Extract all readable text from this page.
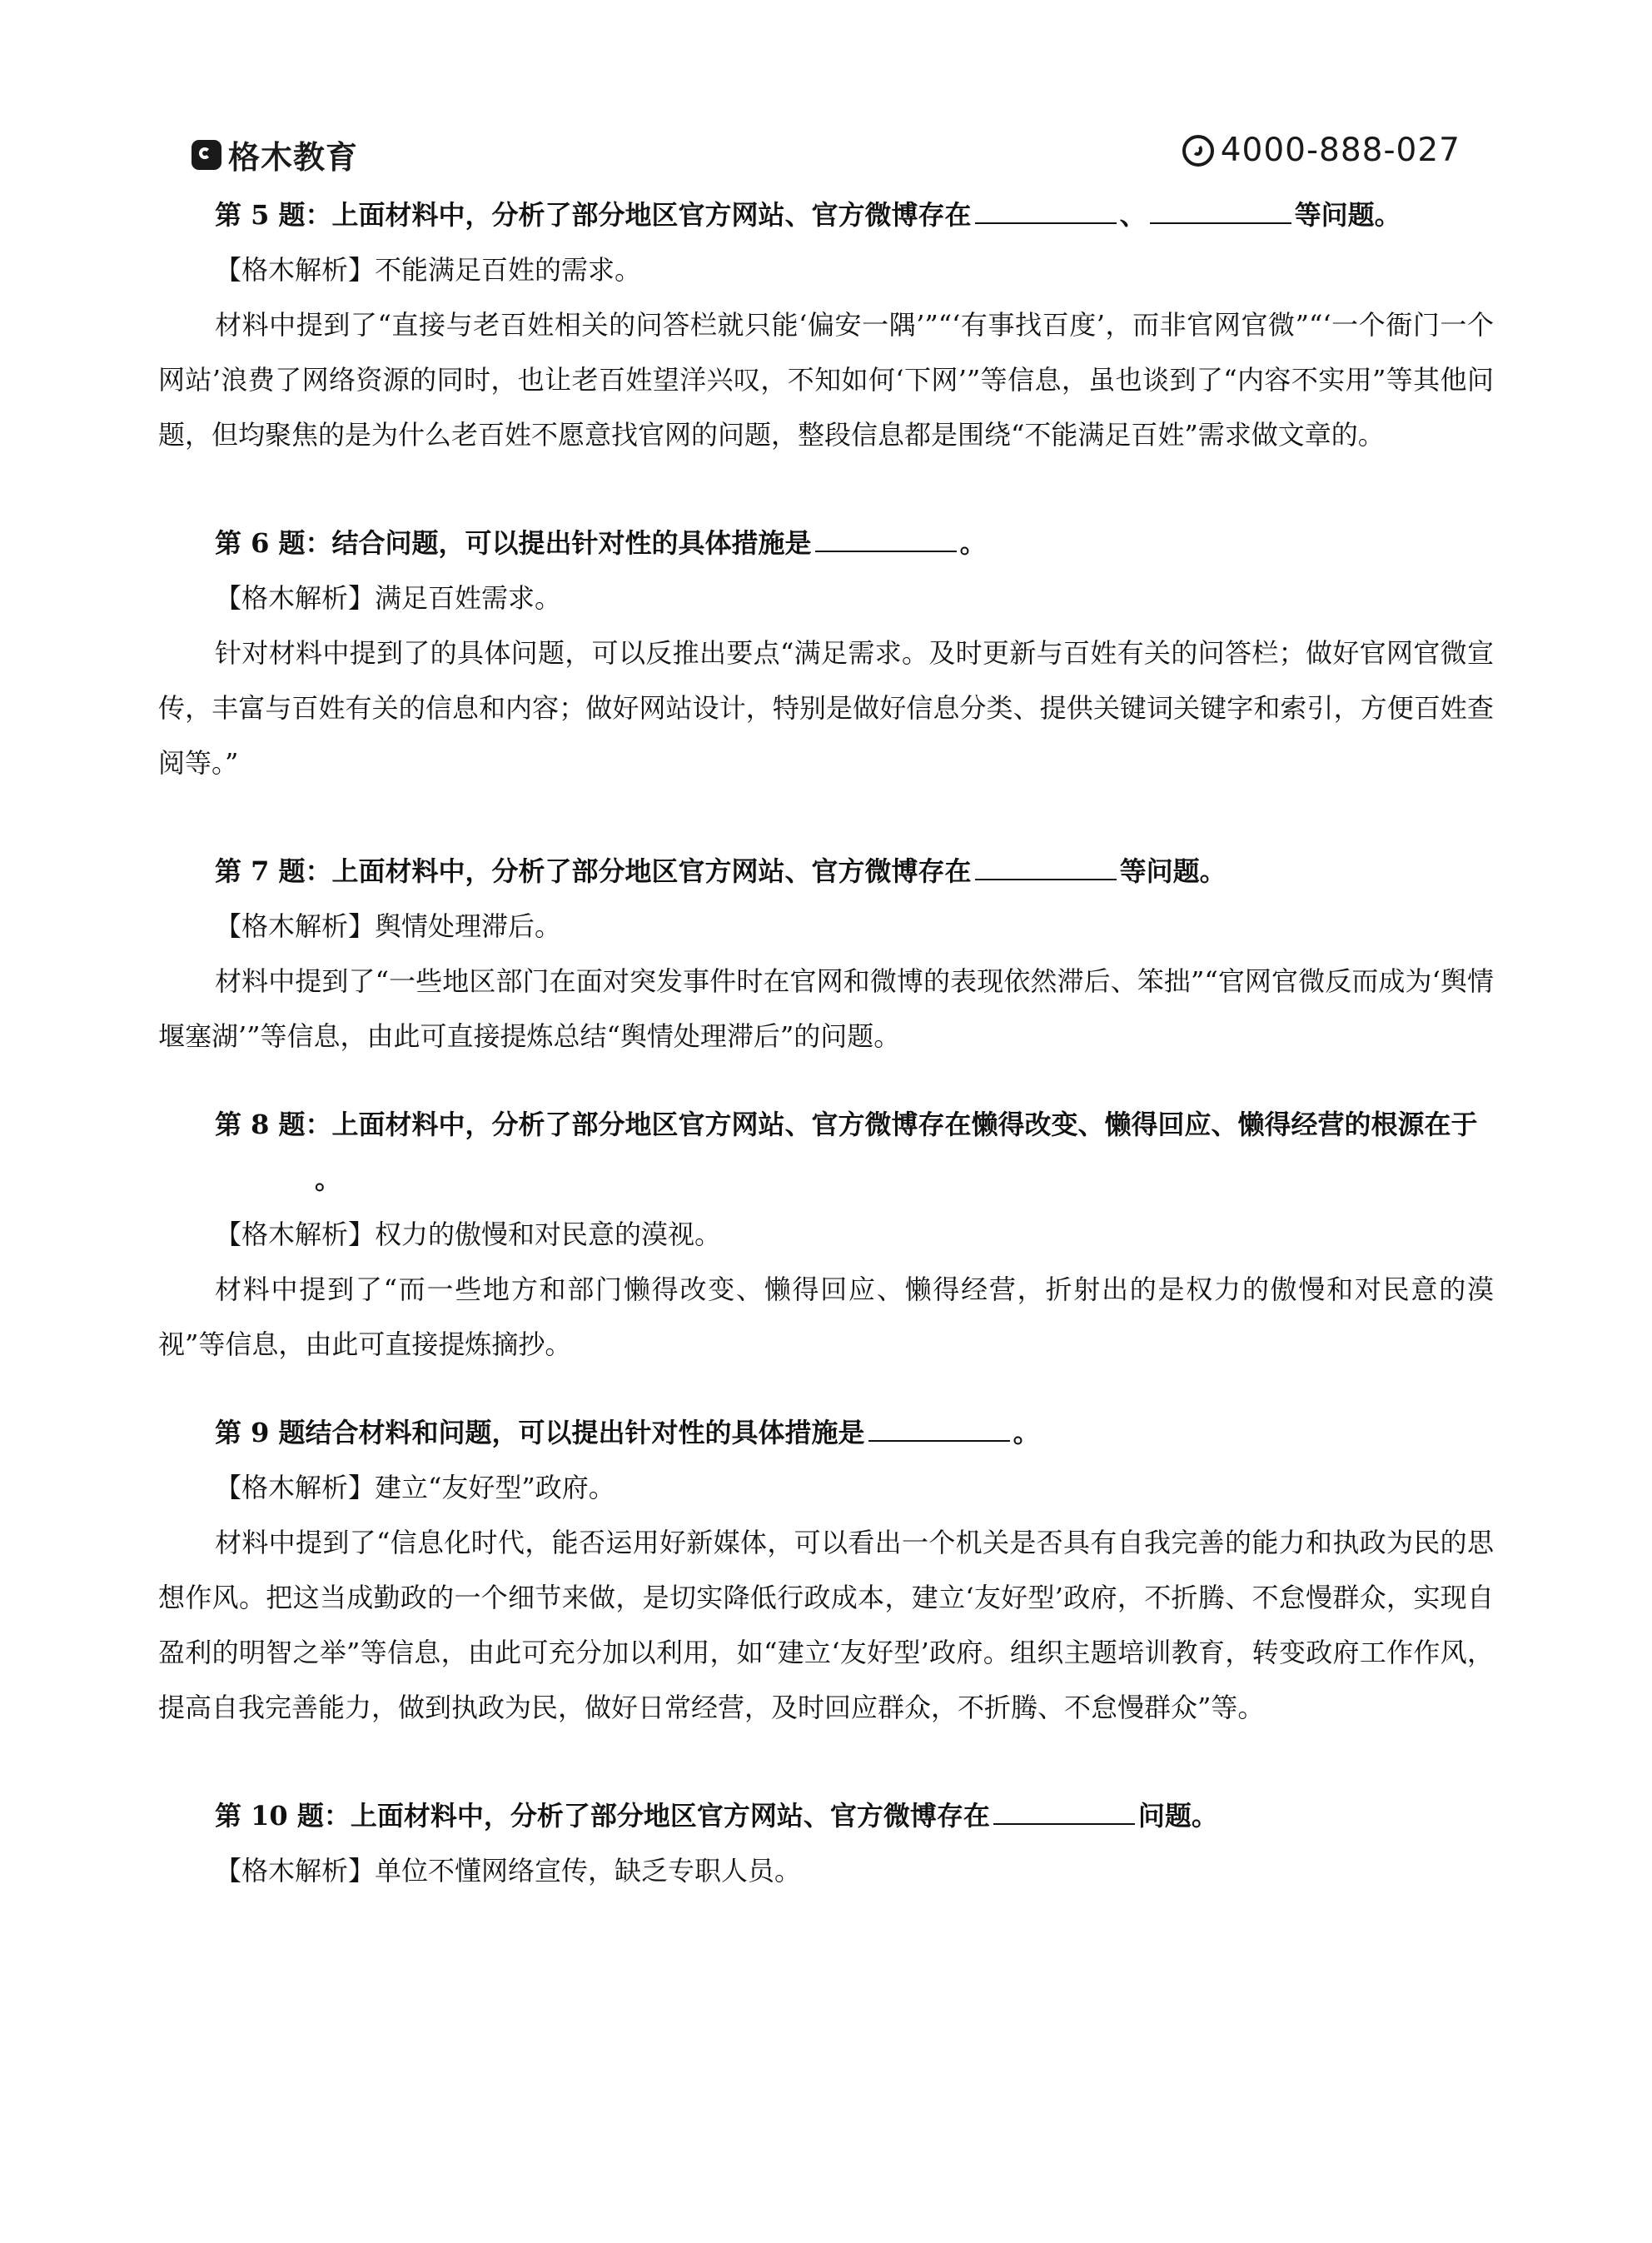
格木教育	4000-888-027

第 5 题：上面材料中，分析了部分地区官方网站、官方微博存在	、	等问题。

【格木解析】不能满足百姓的需求。

材料中提到了“直接与老百姓相关的问答栏就只能‘偏安一隅’”“‘有事找百度’，而非官网官微”“‘一个衙门一个网站’浪费了网络资源的同时，也让老百姓望洋兴叹，不知如何‘下网’”等信息，虽也谈到了“内容不实用”等其他问题，但均聚焦的是为什么老百姓不愿意找官网的问题，整段信息都是围绕“不能满足百姓”需求做文章的。

第 6 题：结合问题，可以提出针对性的具体措施是	。

【格木解析】满足百姓需求。

针对材料中提到了的具体问题，可以反推出要点“满足需求。及时更新与百姓有关的问答栏；做好官网官微宣传，丰富与百姓有关的信息和内容；做好网站设计，特别是做好信息分类、提供关键词关键字和索引，方便百姓查阅等。”

第 7 题：上面材料中，分析了部分地区官方网站、官方微博存在	等问题。

【格木解析】舆情处理滞后。

材料中提到了“一些地区部门在面对突发事件时在官网和微博的表现依然滞后、笨拙”“官网官微反而成为‘舆情堰塞湖’”等信息，由此可直接提炼总结“舆情处理滞后”的问题。

第 8 题：上面材料中，分析了部分地区官方网站、官方微博存在懒得改变、懒得回应、懒得经营的根源在于。

【格木解析】权力的傲慢和对民意的漠视。

材料中提到了“而一些地方和部门懒得改变、懒得回应、懒得经营，折射出的是权力的傲慢和对民意的漠视”等信息，由此可直接提炼摘抄。

第 9 题结合材料和问题，可以提出针对性的具体措施是	。

【格木解析】建立“友好型”政府。

材料中提到了“信息化时代，能否运用好新媒体，可以看出一个机关是否具有自我完善的能力和执政为民的思想作风。把这当成勤政的一个细节来做，是切实降低行政成本，建立‘友好型’政府，不折腾、不怠慢群众，实现自盈利的明智之举”等信息，由此可充分加以利用，如“建立‘友好型’政府。组织主题培训教育，转变政府工作作风，提高自我完善能力，做到执政为民，做好日常经营，及时回应群众，不折腾、不怠慢群众”等。

第 10 题：上面材料中，分析了部分地区官方网站、官方微博存在	问题。

【格木解析】单位不懂网络宣传，缺乏专职人员。
